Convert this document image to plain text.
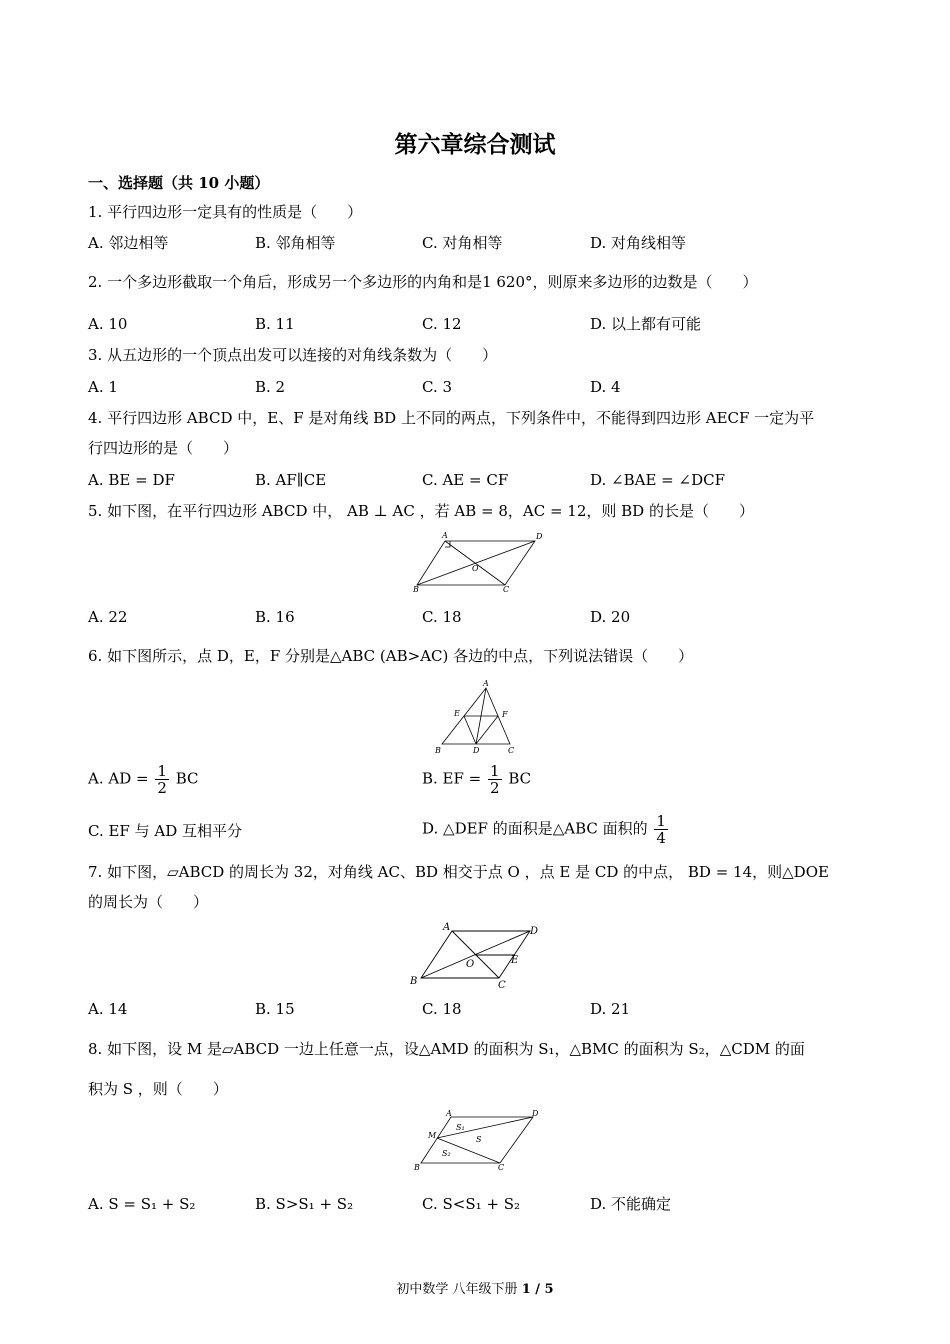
第六章综合测试
一、选择题（共 10 小题）
1. 平行四边形一定具有的性质是（　　）
A. 邻边相等	B. 邻角相等	C. 对角相等	D. 对角线相等
2. 一个多边形截取一个角后，形成另一个多边形的内角和是1 620°，则原来多边形的边数是（　　）
A. 10	B. 11	C. 12	D. 以上都有可能
3. 从五边形的一个顶点出发可以连接的对角线条数为（　　）
A. 1	B. 2	C. 3	D. 4
4. 平行四边形 ABCD 中，E、F 是对角线 BD 上不同的两点，下列条件中，不能得到四边形 AECF 一定为平
行四边形的是（　　）
A. BE = DF	B. AF∥CE	C. AE = CF	D. ∠BAE = ∠DCF
5. 如下图，在平行四边形 ABCD 中， AB ⊥ AC ，若 AB = 8，AC = 12，则 BD 的长是（　　）
A	D
O
B	C
A. 22	B. 16	C. 18	D. 20
6. 如下图所示，点 D，E，F 分别是△ABC (AB>AC) 各边的中点，下列说法错误（　　）
A
E	F
B	D	C
A. AD = $\frac{1}{2}$ BC	B. EF = $\frac{1}{2}$ BC
C. EF 与 AD 互相平分	D. △DEF 的面积是△ABC 面积的 $\frac{1}{4}$
7. 如下图，▱ABCD 的周长为 32，对角线 AC、BD 相交于点 O ，点 E 是 CD 的中点， BD = 14，则△DOE
的周长为（　　）
A	D
O	E
B	C
A. 14	B. 15	C. 18	D. 21
8. 如下图，设 M 是▱ABCD 一边上任意一点，设△AMD 的面积为 S₁，△BMC 的面积为 S₂，△CDM 的面
积为 S ，则（　　）
A	D
M
S₁
S
S₂
B	C
A. S = S₁ + S₂	B. S>S₁ + S₂	C. S<S₁ + S₂	D. 不能确定
初中数学 八年级下册 1 / 5
